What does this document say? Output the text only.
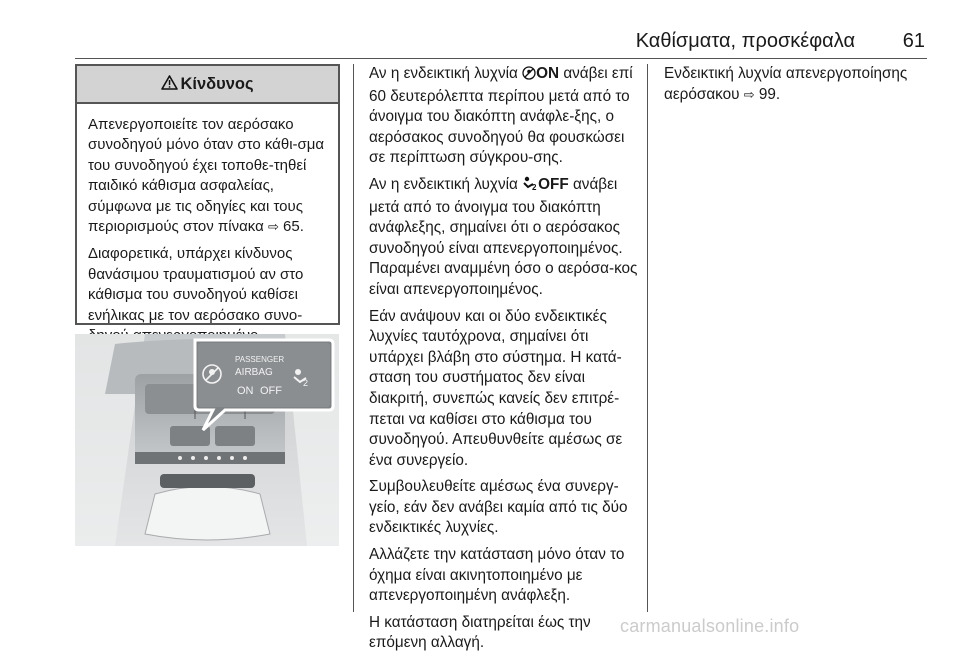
Καθίσματα, προσκέφαλα 61
Κίνδυνος

Απενεργοποιείτε τον αερόσακο συνοδηγού μόνο όταν στο κάθι-σμα του συνοδηγού έχει τοποθε-τηθεί παιδικό κάθισμα ασφαλείας, σύμφωνα με τις οδηγίες και τους περιορισμούς στον πίνακα ⇨ 65.

Διαφορετικά, υπάρχει κίνδυνος θανάσιμου τραυματισμού αν στο κάθισμα του συνοδηγού καθίσει ενήλικας με τον αερόσακο συνο-

PASSENGER
AIRBAG
ON OFF
2

Αν η ενδεικτική λυχνία ON ανάβει επί 60 δευτερόλεπτα περίπου μετά από το άνοιγμα του διακόπτη ανάφλε-ξης, ο αερόσακος συνοδηγού θα φουσκώσει σε περίπτωση σύγκρου-σης.

Αν η ενδεικτική λυχνία 2 OFF ανάβει μετά από το άνοιγμα του διακόπτη ανάφλεξης, σημαίνει ότι ο αερόσακος συνοδηγού είναι απενεργοποιημένος. Παραμένει αναμμένη όσο ο αερόσα-κος είναι απενεργοποιημένος.

Εάν ανάψουν και οι δύο ενδεικτικές λυχνίες ταυτόχρονα, σημαίνει ότι υπάρχει βλάβη στο σύστημα. Η κατά-σταση του συστήματος δεν είναι διακριτή, συνεπώς κανείς δεν επιτρέ-πεται να καθίσει στο κάθισμα του συνοδηγού. Απευθυνθείτε αμέσως σε ένα συνεργείο.

Συμβουλευθείτε αμέσως ένα συνεργ-γείο, εάν δεν ανάβει καμία από τις δύο ενδεικτικές λυχνίες.

Αλλάζετε την κατάσταση μόνο όταν το όχημα είναι ακινητοποιημένο με απενεργοποιημένη ανάφλεξη.

Η κατάσταση διατηρείται έως την επόμενη αλλαγή.

Ενδεικτική λυχνία απενεργοποίησης αερόσακου ⇨ 99.

carmanualsonline.info
